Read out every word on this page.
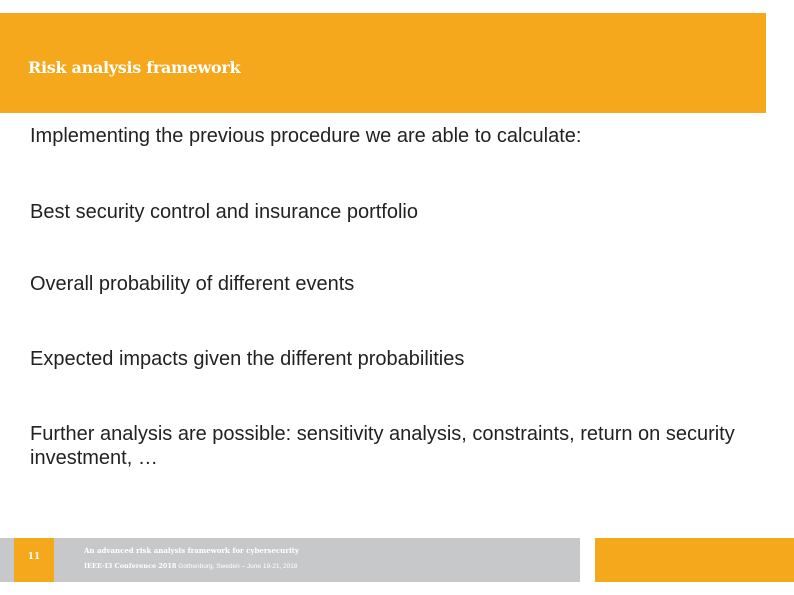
Risk analysis framework

Implementing the previous procedure we are able to calculate:

Best security control and insurance portfolio

Overall probability of different events

Expected impacts given the different probabilities

Further analysis are possible: sensitivity analysis, constraints, return on security investment, …

11
An advanced risk analysis framework for cybersecurity
IEEE-I3 Conference 2018 Gothenburg, Sweden – June 19-21, 2018
